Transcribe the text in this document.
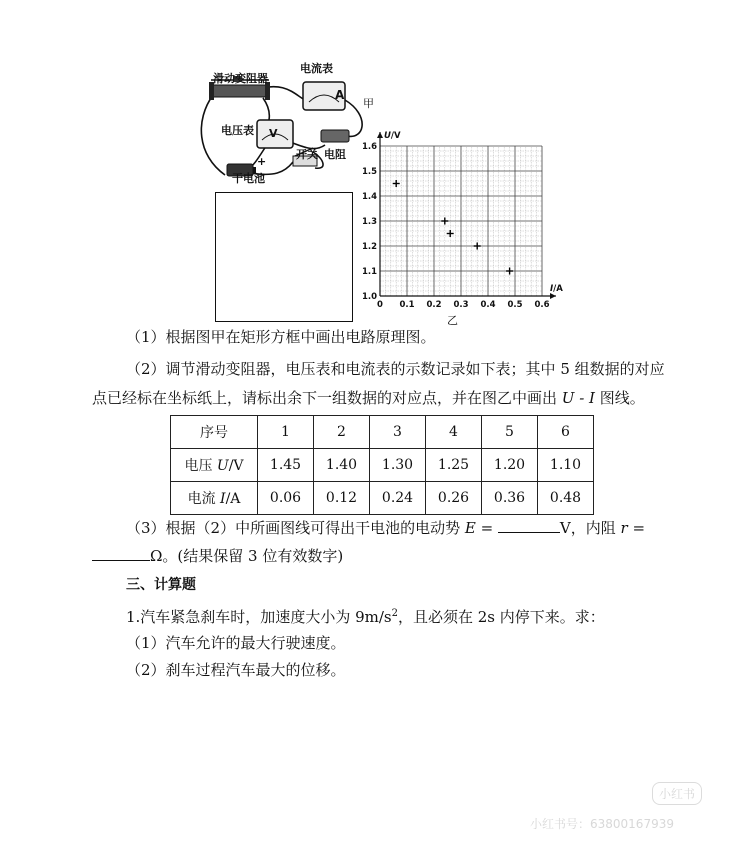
滑动变阻器
电流表
A
甲
电压表 V
开关 电阻
干电池
+
0 0.1 0.2 0.3 0.4 0.5 0.6
1.0
1.1
1.2
1.3
1.4
1.5
1.6
I/A
U/V
乙
（1）根据图甲在矩形方框中画出电路原理图。
（2）调节滑动变阻器，电压表和电流表的示数记录如下表；其中 5 组数据的对应
点已经标在坐标纸上，请标出余下一组数据的对应点，并在图乙中画出 U - I 图线。
序号	1	2	3	4	5	6
电压 U/V	1.45	1.40	1.30	1.25	1.20	1.10
电流 I/A	0.06	0.12	0.24	0.26	0.36	0.48
（3）根据（2）中所画图线可得出干电池的电动势 E =	V，内阻 r =
Ω。(结果保留 3 位有效数字)
三、计算题
1.汽车紧急刹车时，加速度大小为 $9m/s^2$，且必须在 2s 内停下来。求：
（1）汽车允许的最大行驶速度。
（2）刹车过程汽车最大的位移。
小红书
小红书号：63800167939
